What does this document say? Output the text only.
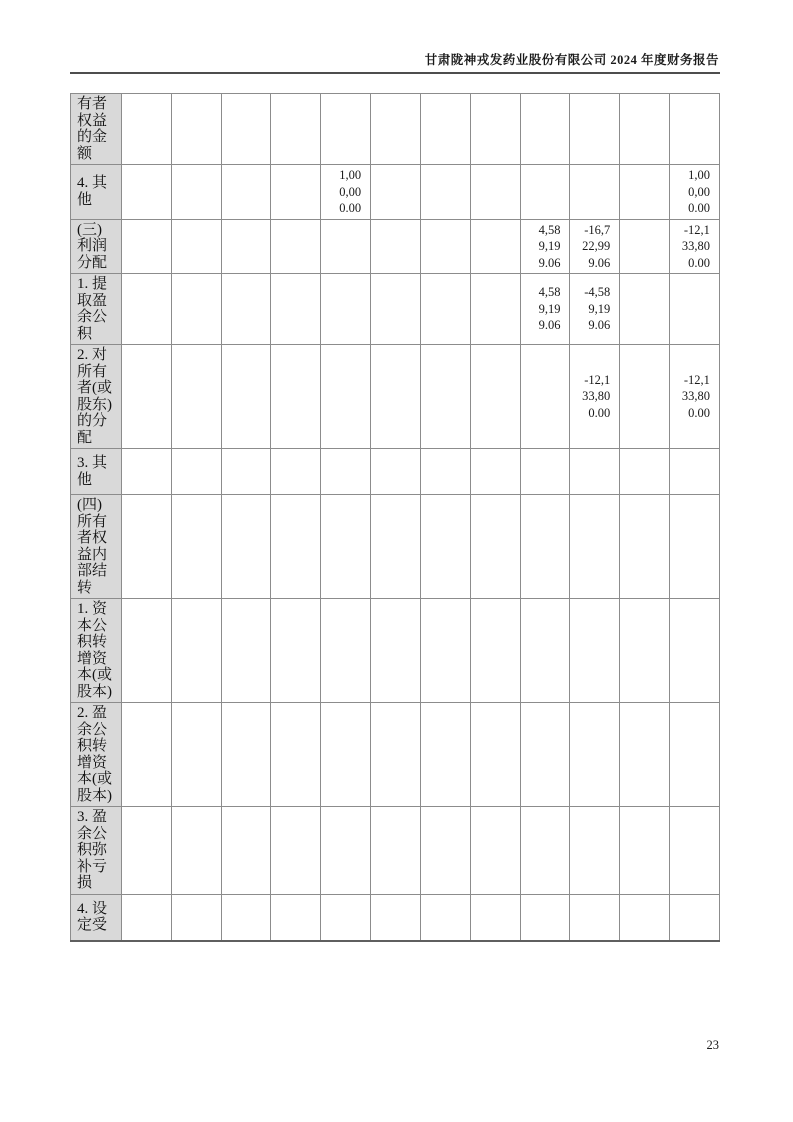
甘肃陇神戎发药业股份有限公司 2024 年度财务报告
有者权益的金额												
4. 其他					1,000,000.00							1,000,000.00
(三)利润分配									4,589,199.06	-16,722,999.06		-12,133,800.00
1. 提取盈余公积									4,589,199.06	-4,589,199.06		
2. 对所有者(或股东)的分配										-12,133,800.00		-12,133,800.00
3. 其他												
(四)所有者权益内部结转												
1. 资本公积转增资本(或股本)												
2. 盈余公积转增资本(或股本)												
3. 盈余公积弥补亏损												
4. 设定受												
23
